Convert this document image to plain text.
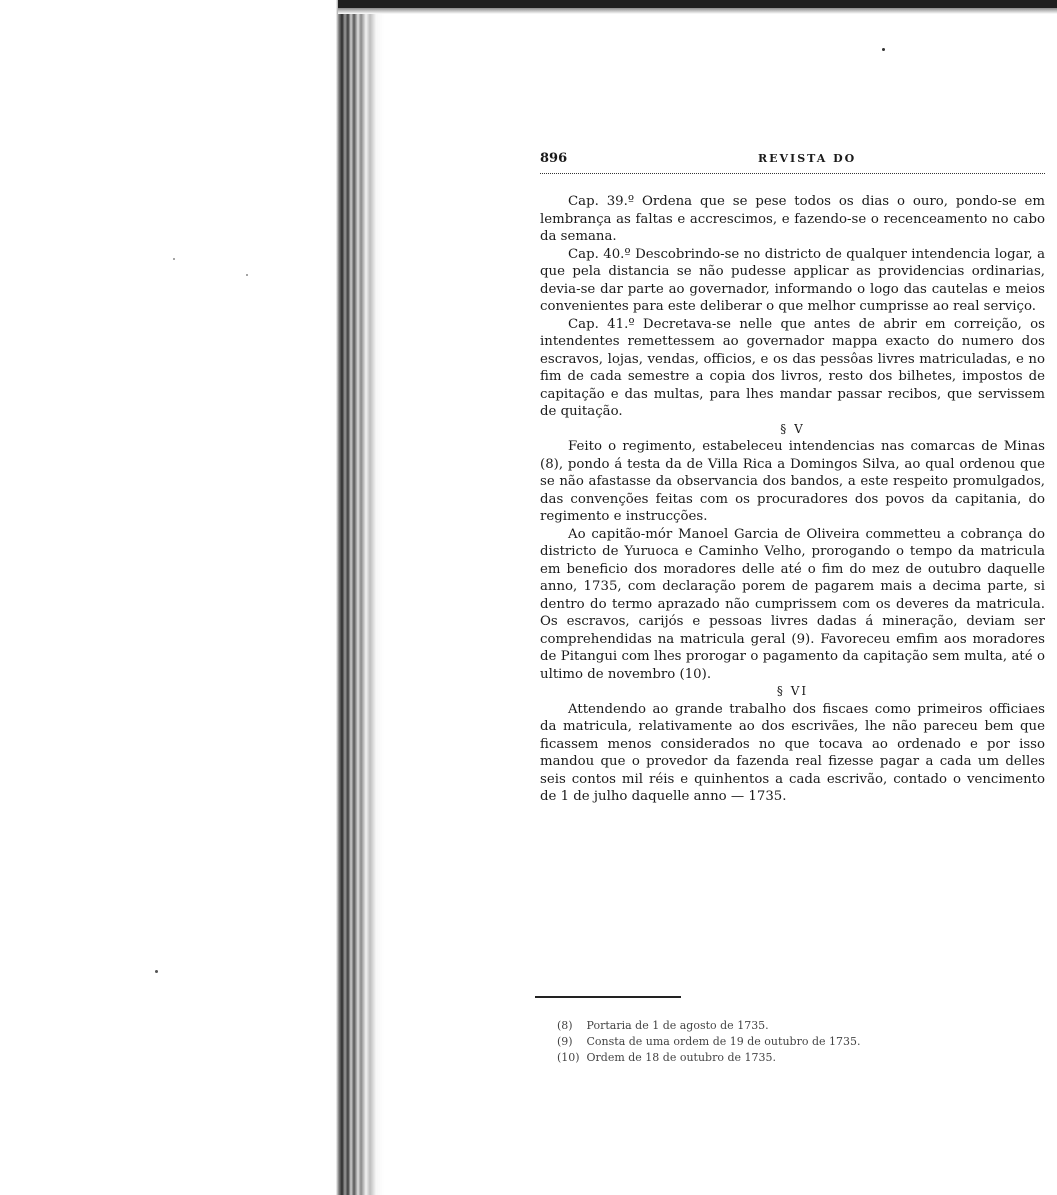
896	REVISTA DO

Cap. 39.º Ordena que se pese todos os dias o ouro, pondo-se em lembrança as faltas e accrescimos, e fazendo-se o recenceamento no cabo da semana.

Cap. 40.º Descobrindo-se no districto de qualquer intendencia logar, a que pela distancia se não pudesse applicar as providencias ordinarias, devia-se dar parte ao governador, informando o logo das cautelas e meios convenientes para este deliberar o que melhor cumprisse ao real serviço.

Cap. 41.º Decretava-se nelle que antes de abrir em correição, os intendentes remettessem ao governador mappa exacto do numero dos escravos, lojas, vendas, officios, e os das pessôas livres matriculadas, e no fim de cada semestre a copia dos livros, resto dos bilhetes, impostos de capitação e das multas, para lhes mandar passar recibos, que servissem de quitação.

§ V

Feito o regimento, estabeleceu intendencias nas comarcas de Minas (8), pondo á testa da de Villa Rica a Domingos Silva, ao qual ordenou que se não afastasse da observancia dos bandos, a este respeito promulgados, das convenções feitas com os procuradores dos povos da capitania, do regimento e instrucções.

Ao capitão-mór Manoel Garcia de Oliveira commetteu a cobrança do districto de Yuruoca e Caminho Velho, prorogando o tempo da matricula em beneficio dos moradores delle até o fim do mez de outubro daquelle anno, 1735, com declaração porem de pagarem mais a decima parte, si dentro do termo aprazado não cumprissem com os deveres da matricula. Os escravos, carijós e pessoas livres dadas á mineração, deviam ser comprehendidas na matricula geral (9). Favoreceu emfim aos moradores de Pitangui com lhes prorogar o pagamento da capitação sem multa, até o ultimo de novembro (10).

§ VI

Attendendo ao grande trabalho dos fiscaes como primeiros officiaes da matricula, relativamente ao dos escrivães, lhe não pareceu bem que ficassem menos considerados no que tocava ao ordenado e por isso mandou que o provedor da fazenda real fizesse pagar a cada um delles seis contos mil réis e quinhentos a cada escrivão, contado o vencimento de 1 de julho daquelle anno — 1735.

(8) Portaria de 1 de agosto de 1735.
(9) Consta de uma ordem de 19 de outubro de 1735.
(10) Ordem de 18 de outubro de 1735.
